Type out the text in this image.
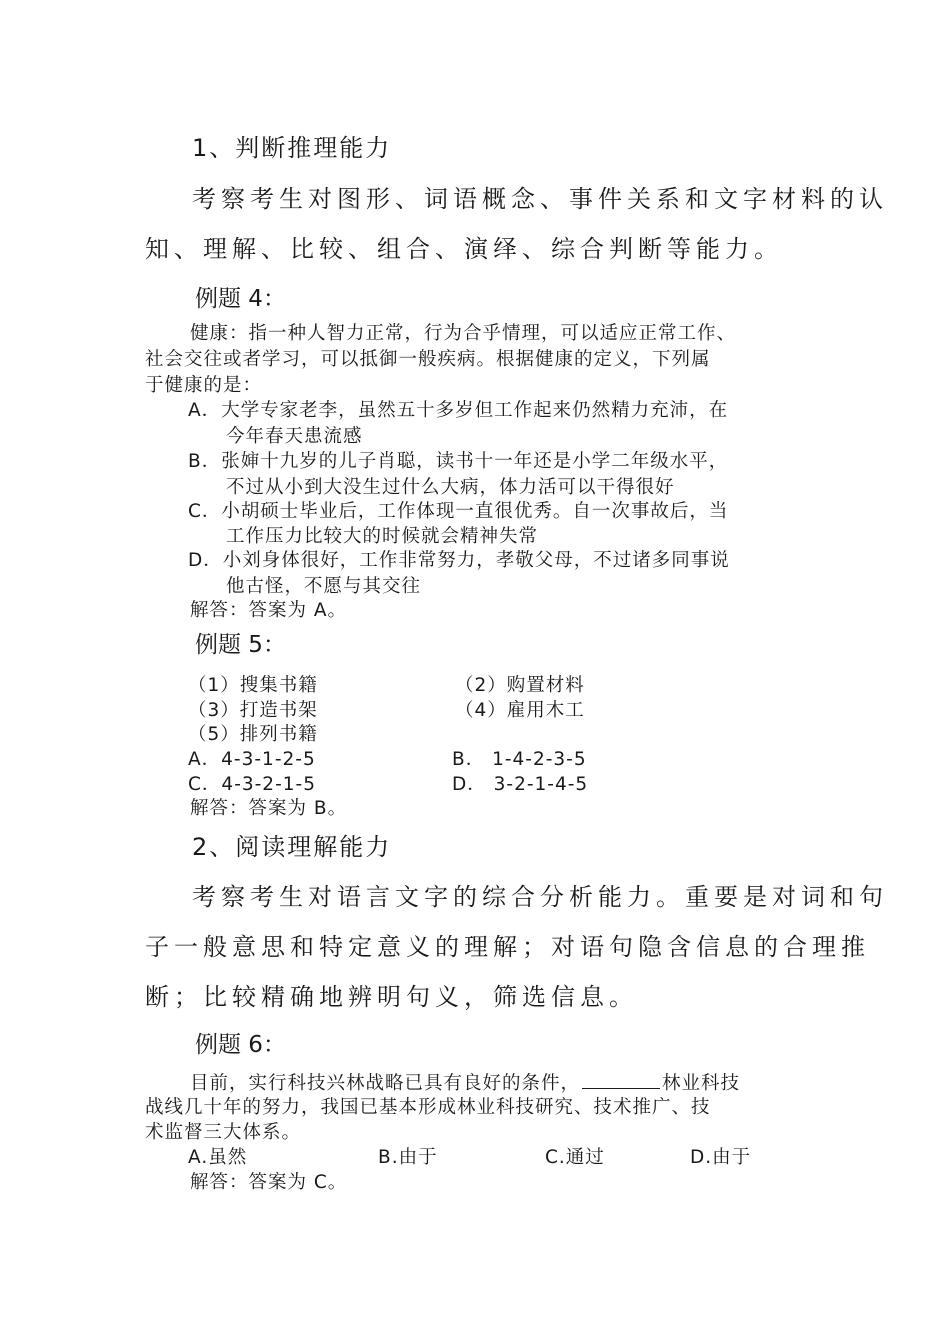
1、判断推理能力
考察考生对图形、词语概念、事件关系和文字材料的认
知、理解、比较、组合、演绎、综合判断等能力。
例题 4：
健康：指一种人智力正常，行为合乎情理，可以适应正常工作、
社会交往或者学习，可以抵御一般疾病。根据健康的定义，下列属
于健康的是：
A．大学专家老李，虽然五十多岁但工作起来仍然精力充沛，在
今年春天患流感
B．张婶十九岁的儿子肖聪，读书十一年还是小学二年级水平，
不过从小到大没生过什么大病，体力活可以干得很好
C．小胡硕士毕业后，工作体现一直很优秀。自一次事故后，当
工作压力比较大的时候就会精神失常
D．小刘身体很好，工作非常努力，孝敬父母，不过诸多同事说
他古怪，不愿与其交往
解答：答案为 A。
例题 5：
（1）搜集书籍	（2）购置材料
（3）打造书架	（4）雇用木工
（5）排列书籍
A．4-3-1-2-5	B． 1-4-2-3-5
C．4-3-2-1-5	D． 3-2-1-4-5
解答：答案为 B。
2、阅读理解能力
考察考生对语言文字的综合分析能力。重要是对词和句
子一般意思和特定意义的理解；对语句隐含信息的合理推
断；比较精确地辨明句义，筛选信息。
例题 6：
目前，实行科技兴林战略已具有良好的条件，	林业科技
战线几十年的努力，我国已基本形成林业科技研究、技术推广、技
术监督三大体系。
A.虽然	B.由于	C.通过	D.由于
解答：答案为 C。
